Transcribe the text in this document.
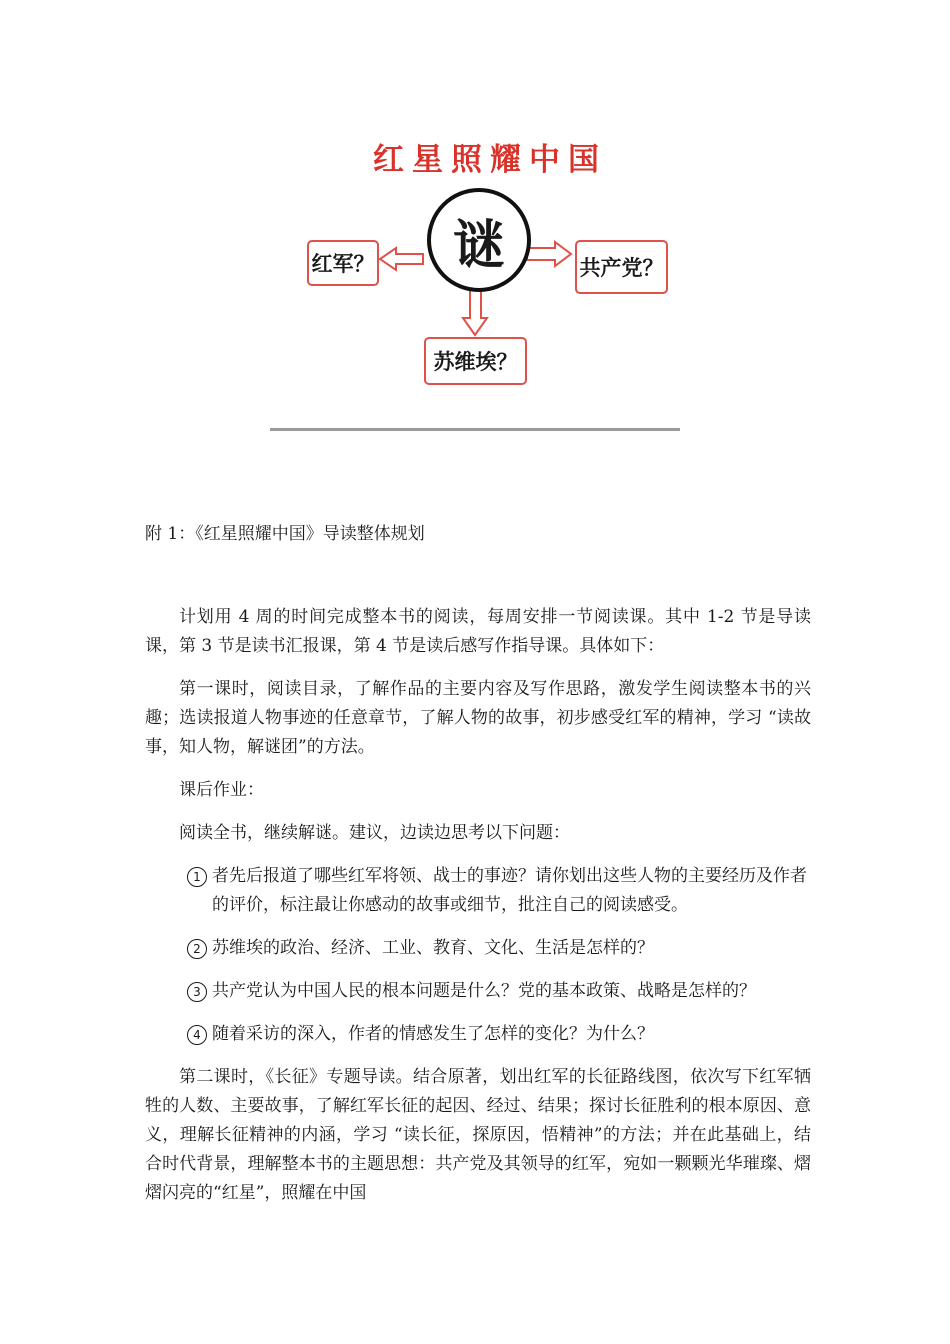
红星照耀中国
谜
红军？	共产党？
苏维埃？
附 1：《红星照耀中国》导读整体规划

计划用 4 周的时间完成整本书的阅读，每周安排一节阅读课。其中 1-2 节是导读课，第 3 节是读书汇报课，第 4 节是读后感写作指导课。具体如下：

第一课时，阅读目录，了解作品的主要内容及写作思路，激发学生阅读整本书的兴趣；选读报道人物事迹的任意章节，了解人物的故事，初步感受红军的精神，学习 “读故事，知人物，解谜团”的方法。

课后作业：

阅读全书，继续解谜。建议，边读边思考以下问题：

1 者先后报道了哪些红军将领、战士的事迹？请你划出这些人物的主要经历及作者的评价，标注最让你感动的故事或细节，批注自己的阅读感受。
2 苏维埃的政治、经济、工业、教育、文化、生活是怎样的？
3 共产党认为中国人民的根本问题是什么？党的基本政策、战略是怎样的？
4 随着采访的深入，作者的情感发生了怎样的变化？为什么？

第二课时，《长征》专题导读。结合原著，划出红军的长征路线图，依次写下红军牺牲的人数、主要故事，了解红军长征的起因、经过、结果；探讨长征胜利的根本原因、意义，理解长征精神的内涵，学习 “读长征，探原因，悟精神”的方法；并在此基础上，结合时代背景，理解整本书的主题思想：共产党及其领导的红军，宛如一颗颗光华璀璨、熠熠闪亮的“红星”，照耀在中国
